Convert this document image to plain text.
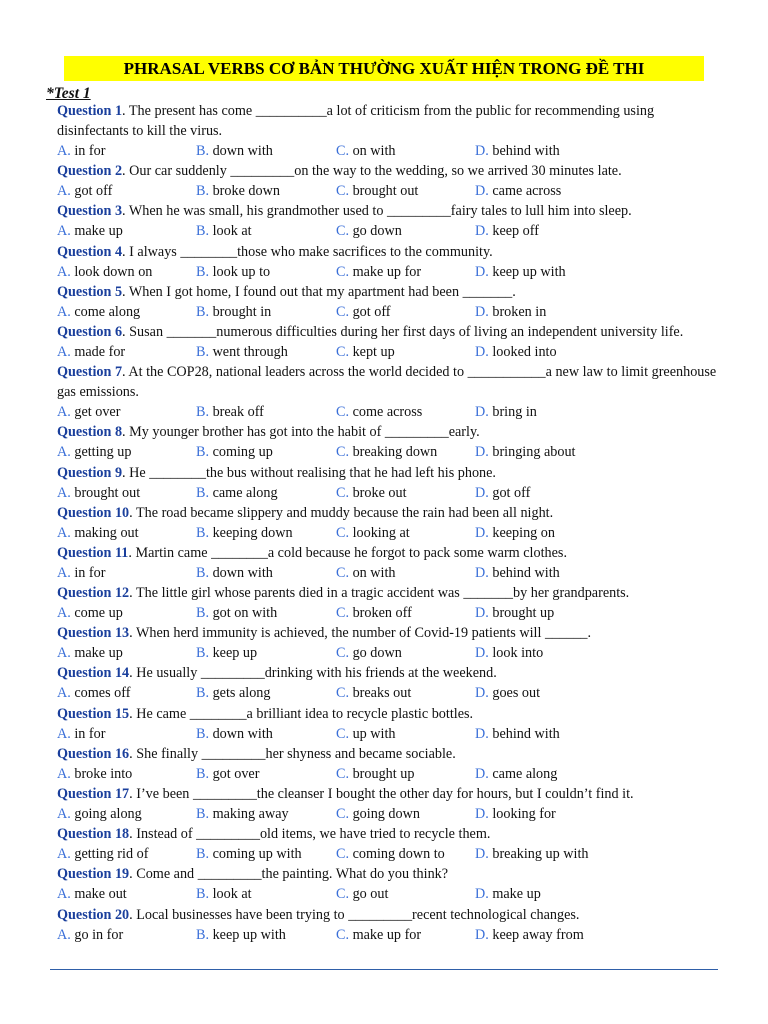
PHRASAL VERBS CƠ BẢN THƯỜNG XUẤT HIỆN TRONG ĐỀ THI
*Test 1
Question 1. The present has come __________a lot of criticism from the public for recommending using disinfectants to kill the virus.
A. in for	B. down with	C. on with	D. behind with
Question 2. Our car suddenly _________on the way to the wedding, so we arrived 30 minutes late.
A. got off	B. broke down	C. brought out	D. came across
Question 3. When he was small, his grandmother used to _________fairy tales to lull him into sleep.
A. make up	B. look at	C. go down	D. keep off
Question 4. I always ________those who make sacrifices to the community.
A. look down on	B. look up to	C. make up for	D. keep up with
Question 5. When I got home, I found out that my apartment had been _______.
A. come along	B. brought in	C. got off	D. broken in
Question 6. Susan _______numerous difficulties during her first days of living an independent university life.
A. made for	B. went through	C. kept up	D. looked into
Question 7. At the COP28, national leaders across the world decided to ___________a new law to limit greenhouse gas emissions.
A. get over	B. break off	C. come across	D. bring in
Question 8. My younger brother has got into the habit of _________early.
A. getting up	B. coming up	C. breaking down	D. bringing about
Question 9. He ________the bus without realising that he had left his phone.
A. brought out	B. came along	C. broke out	D. got off
Question 10. The road became slippery and muddy because the rain had been all night.
A. making out	B. keeping down	C. looking at	D. keeping on
Question 11. Martin came ________a cold because he forgot to pack some warm clothes.
A. in for	B. down with	C. on with	D. behind with
Question 12. The little girl whose parents died in a tragic accident was _______by her grandparents.
A. come up	B. got on with	C. broken off	D. brought up
Question 13. When herd immunity is achieved, the number of Covid-19 patients will ______.
A. make up	B. keep up	C. go down	D. look into
Question 14. He usually _________drinking with his friends at the weekend.
A. comes off	B. gets along	C. breaks out	D. goes out
Question 15. He came ________a brilliant idea to recycle plastic bottles.
A. in for	B. down with	C. up with	D. behind with
Question 16. She finally _________her shyness and became sociable.
A. broke into	B. got over	C. brought up	D. came along
Question 17. I’ve been _________the cleanser I bought the other day for hours, but I couldn’t find it.
A. going along	B. making away	C. going down	D. looking for
Question 18. Instead of _________old items, we have tried to recycle them.
A. getting rid of	B. coming up with C. coming down to D. breaking up with
Question 19. Come and _________the painting. What do you think?
A. make out	B. look at	C. go out	D. make up
Question 20. Local businesses have been trying to _________recent technological changes.
A. go in for	B. keep up with	C. make up for	D. keep away from
